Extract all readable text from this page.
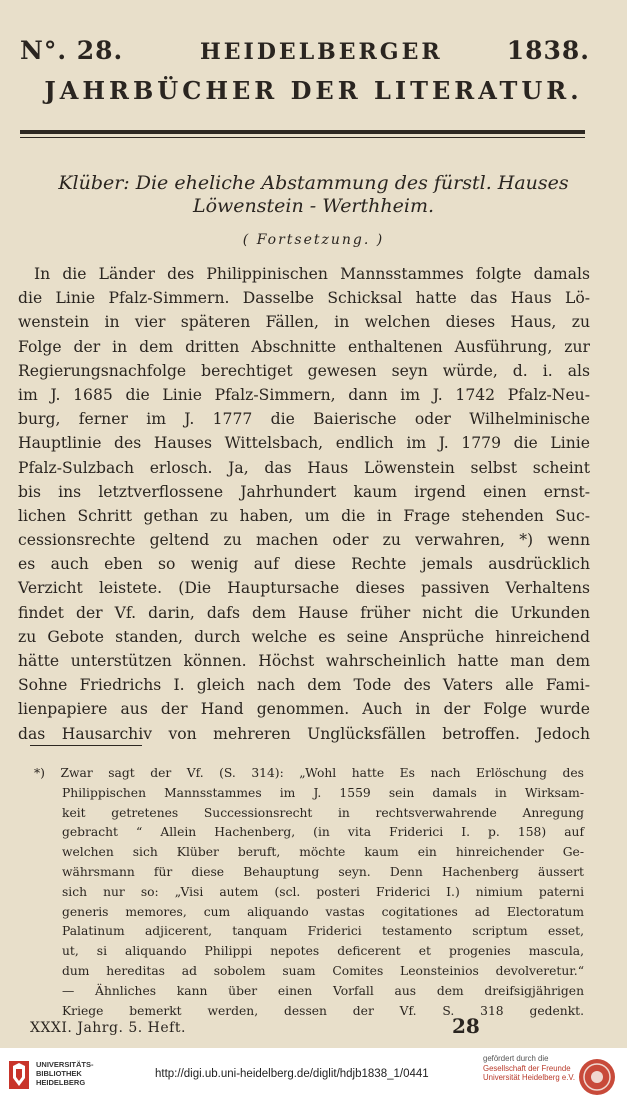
N°. 28.	HEIDELBERGER	1838.
JAHRBÜCHER DER LITERATUR.
Klüber: Die eheliche Abstammung des fürstl. Hauses
Löwenstein - Werthheim.
( Fortsetzung. )
In die Länder des Philippinischen Mannsstammes folgte damals
die Linie Pfalz-Simmern. Dasselbe Schicksal hatte das Haus Lö-
wenstein in vier späteren Fällen, in welchen dieses Haus, zu
Folge der in dem dritten Abschnitte enthaltenen Ausführung, zur
Regierungsnachfolge berechtiget gewesen seyn würde, d. i. als
im J. 1685 die Linie Pfalz-Simmern, dann im J. 1742 Pfalz-Neu-
burg, ferner im J. 1777 die Baierische oder Wilhelminische
Hauptlinie des Hauses Wittelsbach, endlich im J. 1779 die Linie
Pfalz-Sulzbach erlosch. Ja, das Haus Löwenstein selbst scheint
bis ins letztverflossene Jahrhundert kaum irgend einen ernst-
lichen Schritt gethan zu haben, um die in Frage stehenden Suc-
cessionsrechte geltend zu machen oder zu verwahren, *) wenn
es auch eben so wenig auf diese Rechte jemals ausdrücklich
Verzicht leistete. (Die Hauptursache dieses passiven Verhaltens
findet der Vf. darin, dafs dem Hause früher nicht die Urkunden
zu Gebote standen, durch welche es seine Ansprüche hinreichend
hätte unterstützen können. Höchst wahrscheinlich hatte man dem
Sohne Friedrichs I. gleich nach dem Tode des Vaters alle Fami-
lienpapiere aus der Hand genommen. Auch in der Folge wurde
das Hausarchiv von mehreren Unglücksfällen betroffen. Jedoch
*) Zwar sagt der Vf. (S. 314): „Wohl hatte Es nach Erlöschung des
Philippischen Mannsstammes im J. 1559 sein damals in Wirksam-
keit getretenes Successionsrecht in rechtsverwahrende Anregung
gebracht “ Allein Hachenberg, (in vita Friderici I. p. 158) auf
welchen sich Klüber beruft, möchte kaum ein hinreichender Ge-
währsmann für diese Behauptung seyn. Denn Hachenberg äussert
sich nur so: „Visi autem (scl. posteri Friderici I.) nimium paterni
generis memores, cum aliquando vastas cogitationes ad Electoratum
Palatinum adjicerent, tanquam Friderici testamento scriptum esset,
ut, si aliquando Philippi nepotes deficerent et progenies mascula,
dum hereditas ad sobolem suam Comites Leonsteinios devolveretur.“
— Ähnliches kann über einen Vorfall aus dem dreifsigjährigen
Kriege bemerkt werden, dessen der Vf. S. 318 gedenkt.
XXXI. Jahrg. 5. Heft.	28
UNIVERSITÄTS-
BIBLIOTHEK
HEIDELBERG
http://digi.ub.uni-heidelberg.de/diglit/hdjb1838_1/0441
gefördert durch die
Gesellschaft der Freunde
Universität Heidelberg e.V.
